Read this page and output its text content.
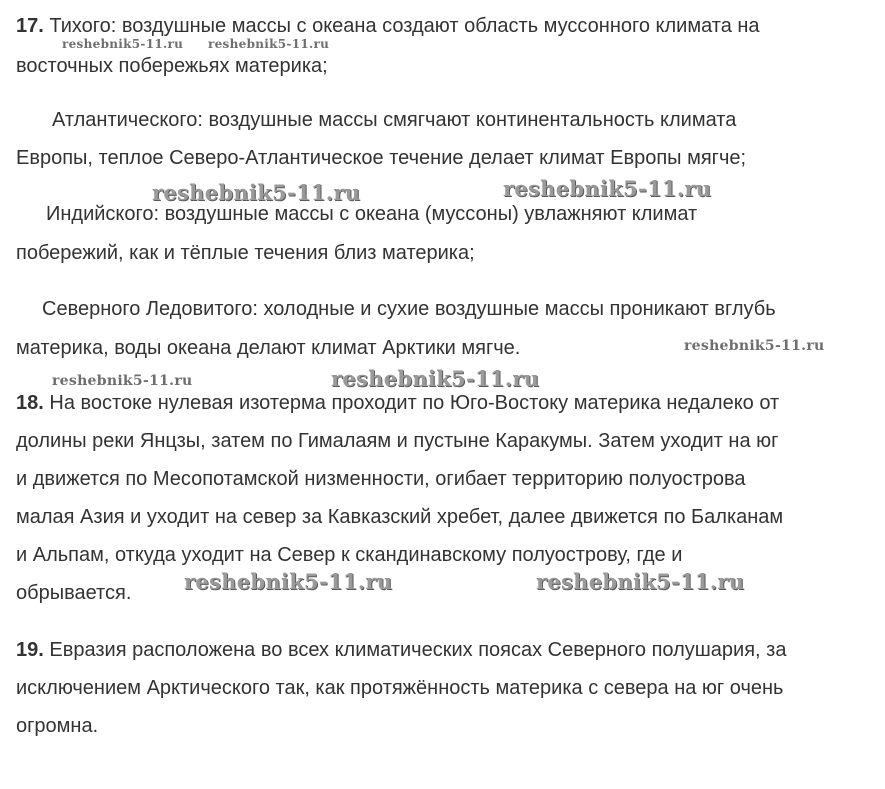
17. Тихого: воздушные массы с океана создают область муссонного климата на
восточных побережьях материка;
Атлантического: воздушные массы смягчают континентальность климата
Европы, теплое Северо-Атлантическое течение делает климат Европы мягче;
Индийского: воздушные массы с океана (муссоны) увлажняют климат
побережий, как и тёплые течения близ материка;
Северного Ледовитого: холодные и сухие воздушные массы проникают вглубь
материка, воды океана делают климат Арктики мягче.
18. На востоке нулевая изотерма проходит по Юго-Востоку материка недалеко от
долины реки Янцзы, затем по Гималаям и пустыне Каракумы. Затем уходит на юг
и движется по Месопотамской низменности, огибает территорию полуострова
малая Азия и уходит на север за Кавказский хребет, далее движется по Балканам
и Альпам, откуда уходит на Север к скандинавскому полуострову, где и
обрывается.
19. Евразия расположена во всех климатических поясах Северного полушария, за
исключением Арктического так, как протяжённость материка с севера на юг очень
огромна.
reshebnik5-11.ru reshebnik5-11.ru
reshebnik5-11.ru	reshebnik5-11.ru
reshebnik5-11.ru
reshebnik5-11.ru	reshebnik5-11.ru
reshebnik5-11.ru	reshebnik5-11.ru
